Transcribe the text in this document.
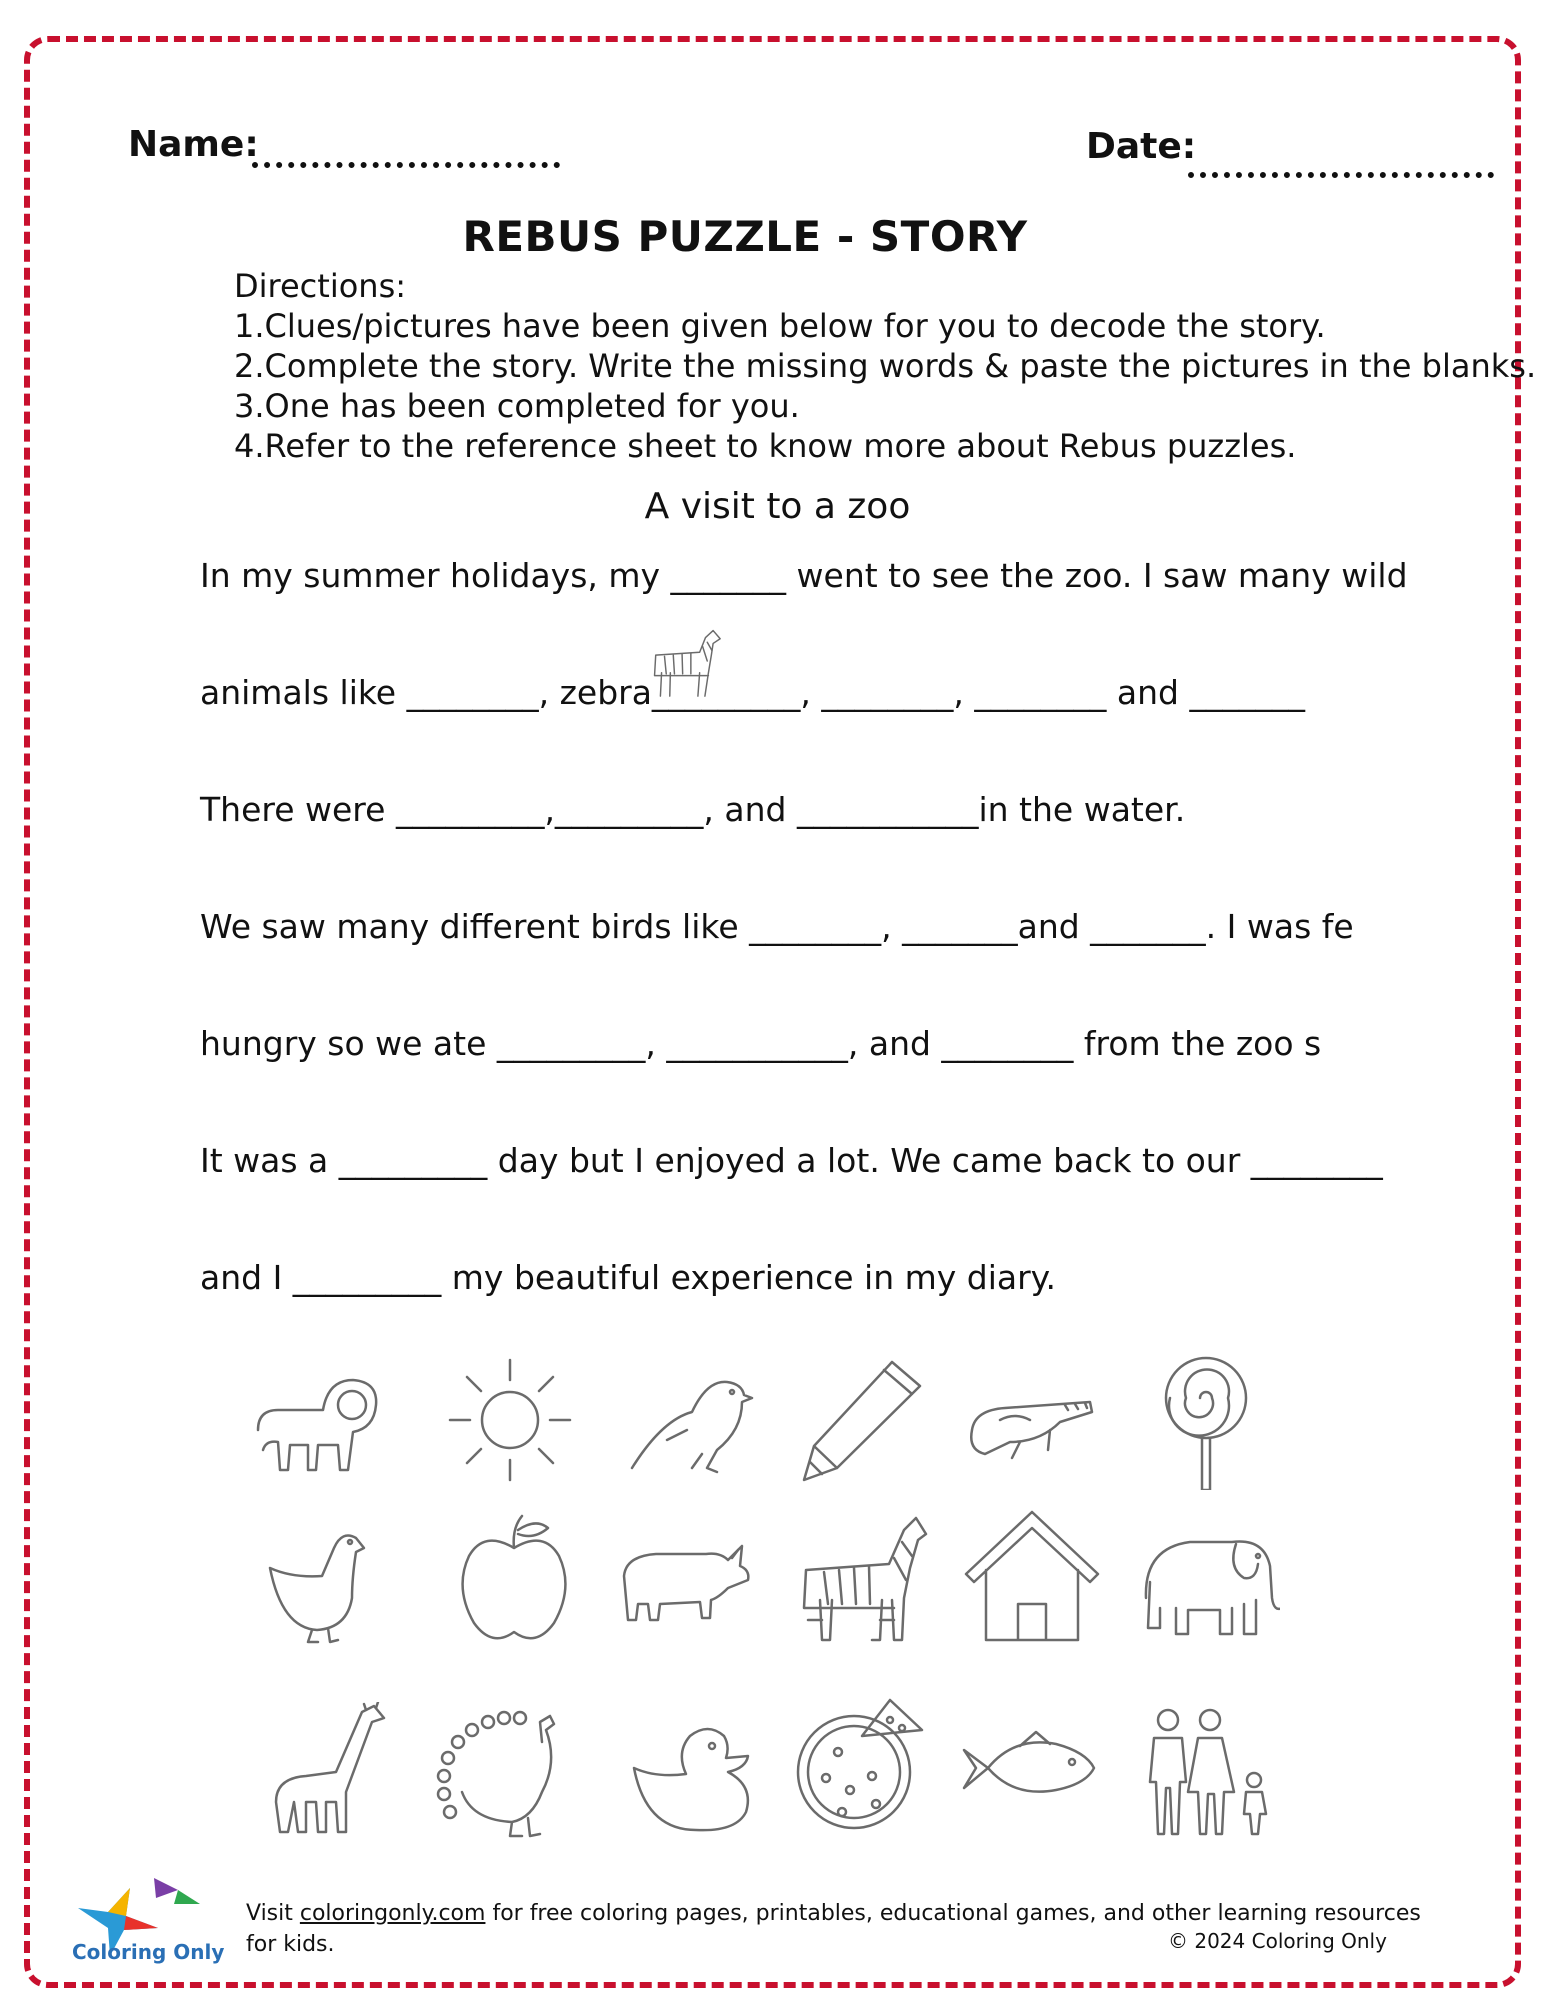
Name:	Date:
REBUS PUZZLE - STORY
Directions:
1.Clues/pictures have been given below for you to decode the story.
2.Complete the story. Write the missing words & paste the pictures in the blanks.
3.One has been completed for you.
4.Refer to the reference sheet to know more about Rebus puzzles.
A visit to a zoo
In my summer holidays, my _______ went to see the zoo. I saw many wild
animals like ________, zebra_________, ________, ________ and _______
There were _________,_________, and ___________in the water.
We saw many different birds like ________, _______and _______. I was fe
hungry so we ate _________, ___________, and ________ from the zoo s
It was a _________ day but I enjoyed a lot. We came back to our ________
and I _________ my beautiful experience in my diary.
Coloring Only
Visit coloringonly.com for free coloring pages, printables, educational games, and other learning resources for kids.	© 2024 Coloring Only
